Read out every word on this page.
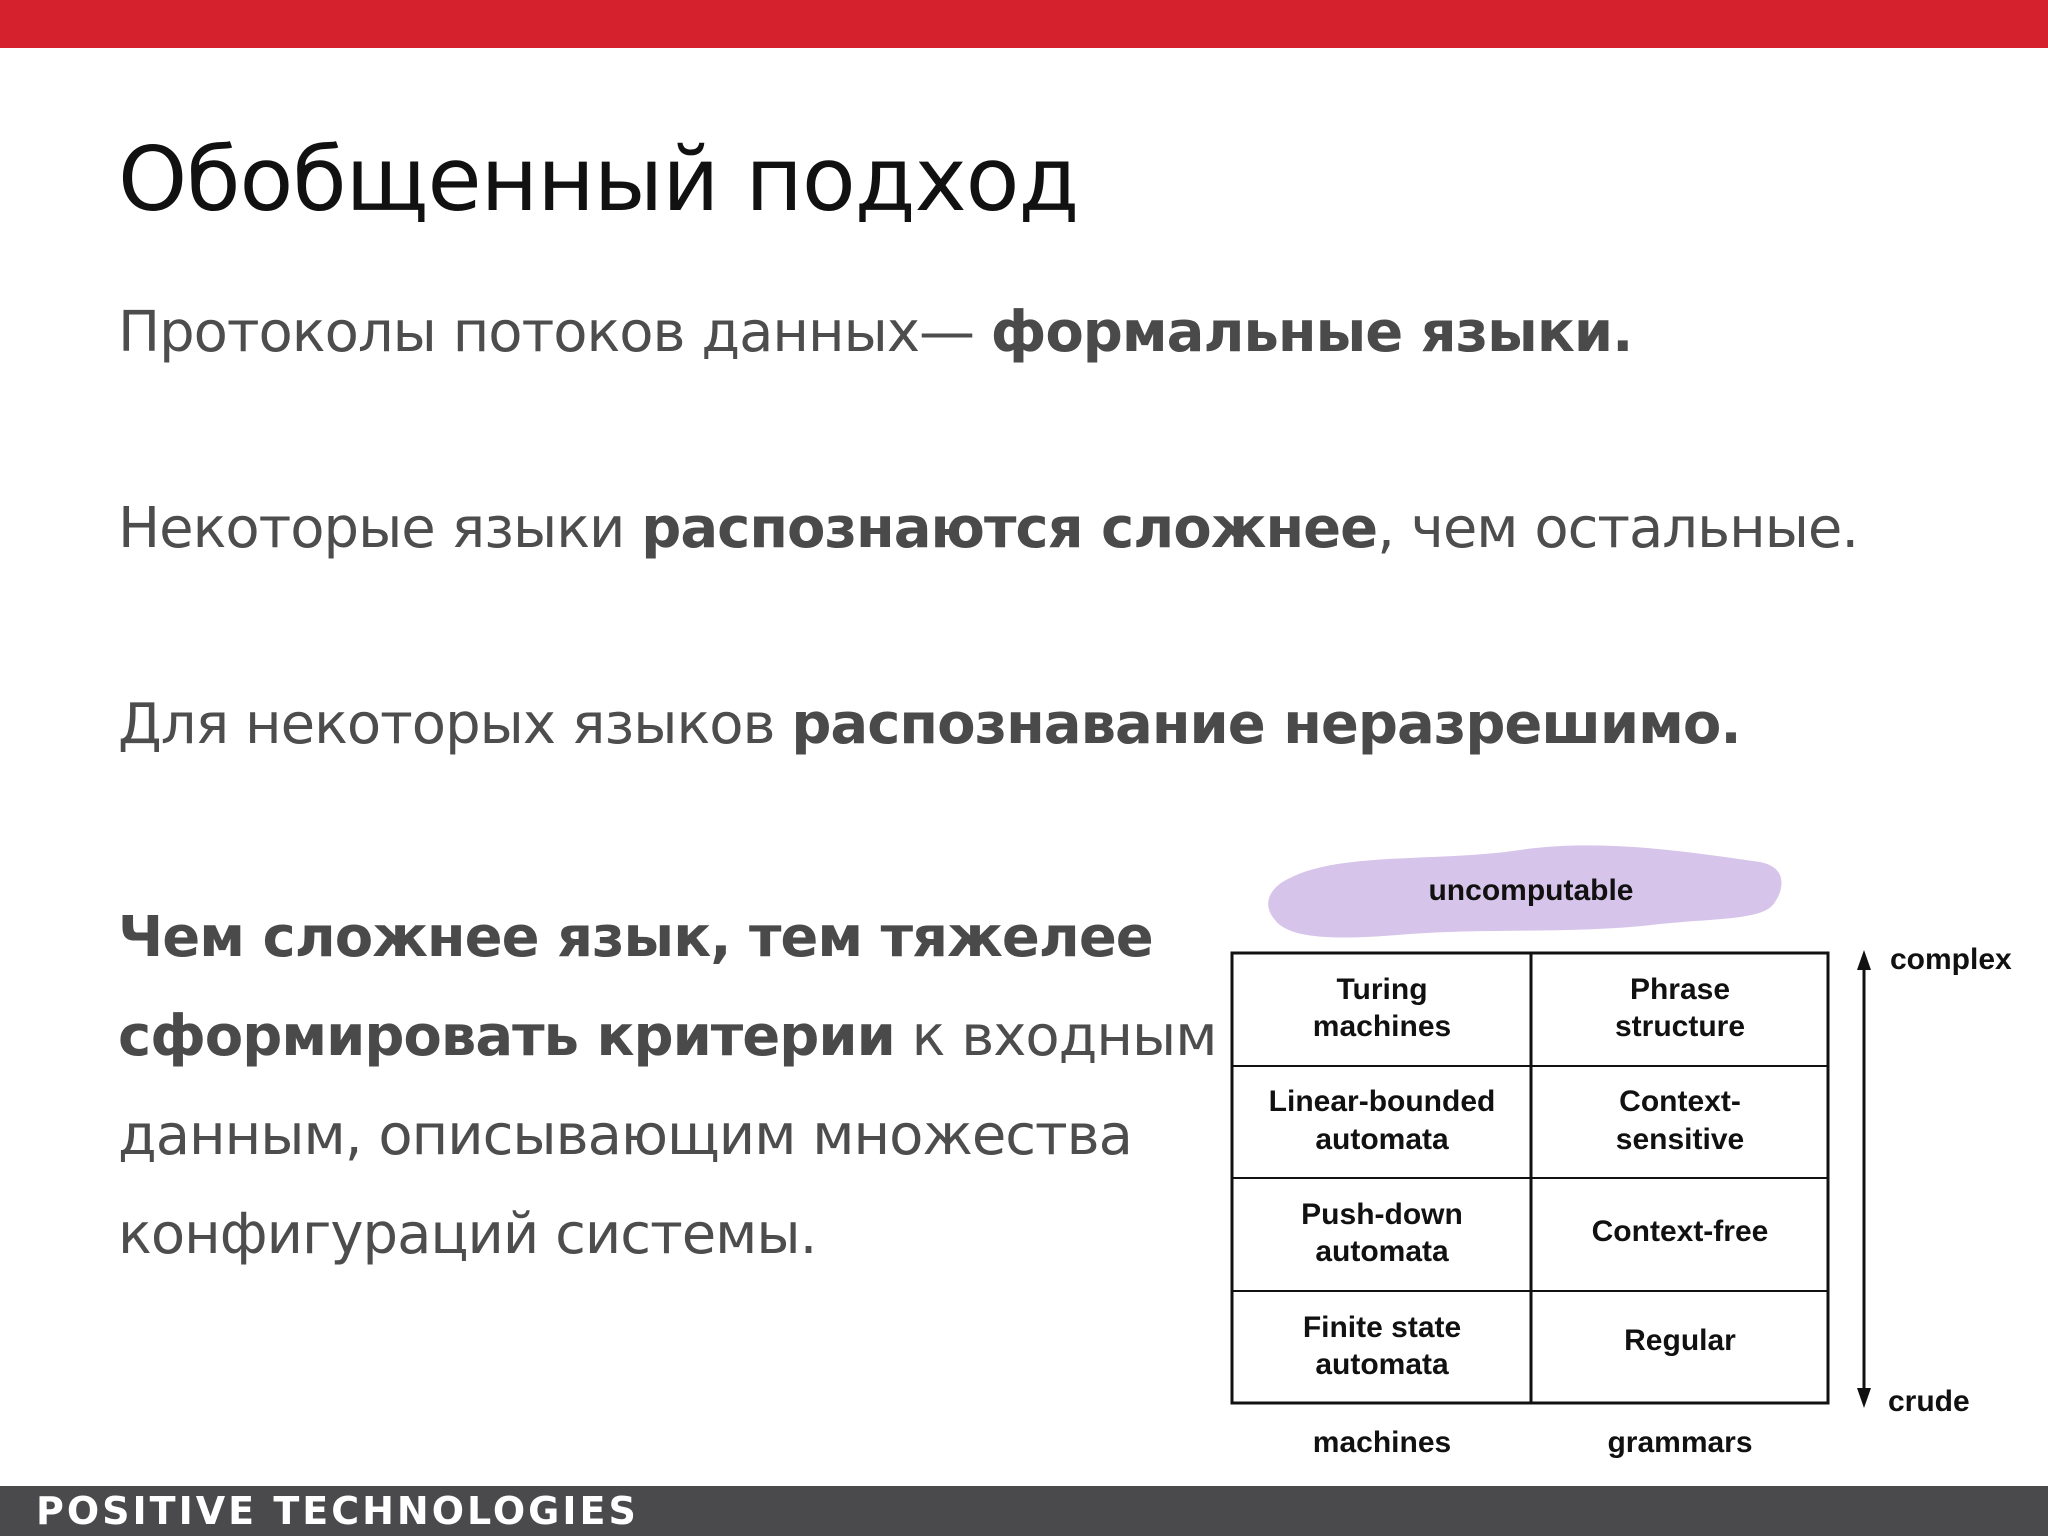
Обобщенный подход

Протоколы потоков данных— формальные языки.

Некоторые языки распознаются сложнее, чем остальные.

Для некоторых языков распознавание неразрешимо.

Чем сложнее язык, тем тяжелее
сформировать критерии к входным
данным, описывающим множества
конфигураций системы.

uncomputable
Turing
machines
Phrase
structure
Linear-bounded
automata
Context-
sensitive
Push-down
automata
Context-free
Finite state
automata
Regular
machines	grammars
complex
crude
POSITIVE TECHNOLOGIES
